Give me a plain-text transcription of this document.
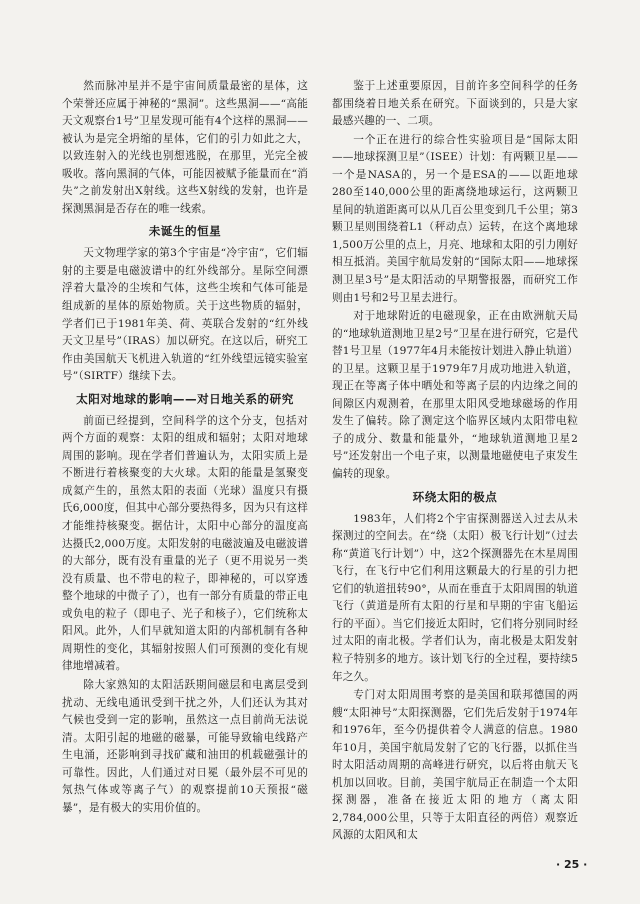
然而脉冲星并不是宇宙间质量最密的星体，这个荣誉还应属于神秘的“黑洞”。这些黑洞——“高能天文观察台1号”卫星发现可能有4个这样的黑洞——被认为是完全坍缩的星体，它们的引力如此之大，以致连射入的光线也别想逃脱，在那里，光完全被吸收。落向黑洞的气体，可能因被赋予能量而在“消失”之前发射出X射线。这些X射线的发射，也许是探测黑洞是否存在的唯一线索。

未诞生的恒星

天文物理学家的第3个宇宙是“冷宇宙”，它们辐射的主要是电磁波谱中的红外线部分。星际空间漂浮着大量冷的尘埃和气体，这些尘埃和气体可能是组成新的星体的原始物质。关于这些物质的辐射，学者们已于1981年美、荷、英联合发射的“红外线天文卫星号”（IRAS）加以研究。在这以后，研究工作由美国航天飞机进入轨道的“红外线望远镜实验室号”（SIRTF）继续下去。

太阳对地球的影响——对日地关系的研究

前面已经提到，空间科学的这个分支，包括对两个方面的观察：太阳的组成和辐射；太阳对地球周围的影响。现在学者们普遍认为，太阳实质上是不断进行着核聚变的大火球。太阳的能量是氢聚变成氦产生的，虽然太阳的表面（光球）温度只有摄氏6,000度，但其中心部分要热得多，因为只有这样才能维持核聚变。据估计，太阳中心部分的温度高达摄氏2,000万度。太阳发射的电磁波遍及电磁波谱的大部分，既有没有重量的光子（更不用说另一类没有质量、也不带电的粒子，即神秘的，可以穿透整个地球的中微子了），也有一部分有质量的带正电或负电的粒子（即电子、光子和核子），它们统称太阳风。此外，人们早就知道太阳的内部机制有各种周期性的变化，其辐射按照人们可预测的变化有规律地增减着。

除大家熟知的太阳活跃期间磁层和电离层受到扰动、无线电通讯受到干扰之外，人们还认为其对气候也受到一定的影响，虽然这一点目前尚无法说清。太阳引起的地磁的磁暴，可能导致输电线路产生电涌，还影响到寻找矿藏和油田的机载磁强计的可靠性。因此，人们通过对日冕（最外层不可见的氖热气体或等离子气）的观察提前10天预报“磁暴”，是有极大的实用价值的。

鉴于上述重要原因，目前许多空间科学的任务都围绕着日地关系在研究。下面谈到的，只是大家最感兴趣的一、二项。

一个正在进行的综合性实验项目是“国际太阳——地球探测卫星”（ISEE）计划：有两颗卫星——一个是NASA的，另一个是ESA的——以距地球280至140,000公里的距离绕地球运行，这两颗卫星间的轨道距离可以从几百公里变到几千公里；第3颗卫星则围绕着L1（秤动点）运转，在这个离地球1,500万公里的点上，月亮、地球和太阳的引力刚好相互抵消。美国宇航局发射的“国际太阳——地球探测卫星3号”是太阳活动的早期警报器，而研究工作则由1号和2号卫星去进行。

对于地球附近的电磁现象，正在由欧洲航天局的“地球轨道测地卫星2号”卫星在进行研究，它是代替1号卫星（1977年4月未能按计划进入静止轨道）的卫星。这颗卫星于1979年7月成功地进入轨道，现正在等离子体中晒处和等离子层的内边缘之间的间隙区内观测着，在那里太阳风受地球磁场的作用发生了偏转。除了测定这个临界区域内太阳带电粒子的成分、数量和能量外，“地球轨道测地卫星2号”还发射出一个电子束，以测量地磁使电子束发生偏转的现象。

环绕太阳的极点

1983年，人们将2个宇宙探测器送入过去从未探测过的空间去。在“绕（太阳）极飞行计划”（过去称“黄道飞行计划”）中，这2个探测器先在木星周围飞行，在飞行中它们利用这颗最大的行星的引力把它们的轨道扭转90°，从而在垂直于太阳周围的轨道飞行（黄道是所有太阳的行星和早期的宇宙飞船运行的平面）。当它们接近太阳时，它们将分别同时经过太阳的南北极。学者们认为，南北极是太阳发射粒子特别多的地方。该计划飞行的全过程，要持续5年之久。

专门对太阳周围考察的是美国和联邦德国的两艘“太阳神号”太阳探测器，它们先后发射于1974年和1976年，至今仍提供着令人满意的信息。1980年10月，美国宇航局发射了它的飞行器，以抓住当时太阳活动周期的高峰进行研究，以后将由航天飞机加以回收。目前，美国宇航局正在制造一个太阳探测器，准备在接近太阳的地方（离太阳2,784,000公里，只等于太阳直径的两倍）观察近风源的太阳风和太

· 25 ·
